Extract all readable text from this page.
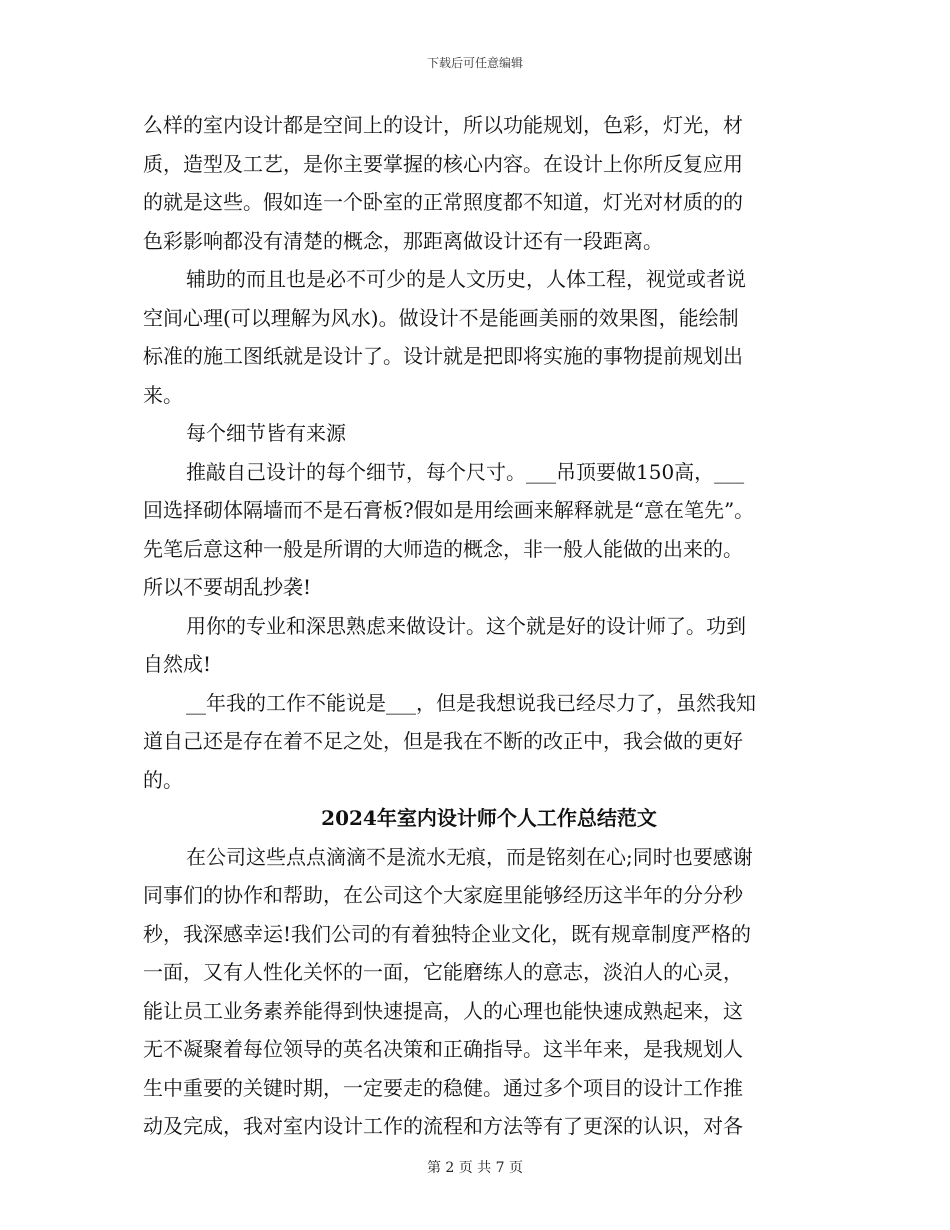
下载后可任意编辑
么样的室内设计都是空间上的设计，所以功能规划，色彩，灯光，材
质，造型及工艺，是你主要掌握的核心内容。在设计上你所反复应用
的就是这些。假如连一个卧室的正常照度都不知道，灯光对材质的的
色彩影响都没有清楚的概念，那距离做设计还有一段距离。
辅助的而且也是必不可少的是人文历史，人体工程，视觉或者说
空间心理(可以理解为风水)。做设计不是能画美丽的效果图，能绘制
标准的施工图纸就是设计了。设计就是把即将实施的事物提前规划出
来。
每个细节皆有来源
推敲自己设计的每个细节，每个尺寸。___吊顶要做150高，___
回选择砌体隔墙而不是石膏板?假如是用绘画来解释就是“意在笔先”。
先笔后意这种一般是所谓的大师造的概念，非一般人能做的出来的。
所以不要胡乱抄袭!
用你的专业和深思熟虑来做设计。这个就是好的设计师了。功到
自然成!
__年我的工作不能说是___，但是我想说我已经尽力了，虽然我知
道自己还是存在着不足之处，但是我在不断的改正中，我会做的更好
的。
2024年室内设计师个人工作总结范文
在公司这些点点滴滴不是流水无痕，而是铭刻在心;同时也要感谢
同事们的协作和帮助，在公司这个大家庭里能够经历这半年的分分秒
秒，我深感幸运!我们公司的有着独特企业文化，既有规章制度严格的
一面，又有人性化关怀的一面，它能磨练人的意志，淡泊人的心灵，
能让员工业务素养能得到快速提高，人的心理也能快速成熟起来，这
无不凝聚着每位领导的英名决策和正确指导。这半年来，是我规划人
生中重要的关键时期，一定要走的稳健。通过多个项目的设计工作推
动及完成，我对室内设计工作的流程和方法等有了更深的认识，对各
第 2 页 共 7 页
